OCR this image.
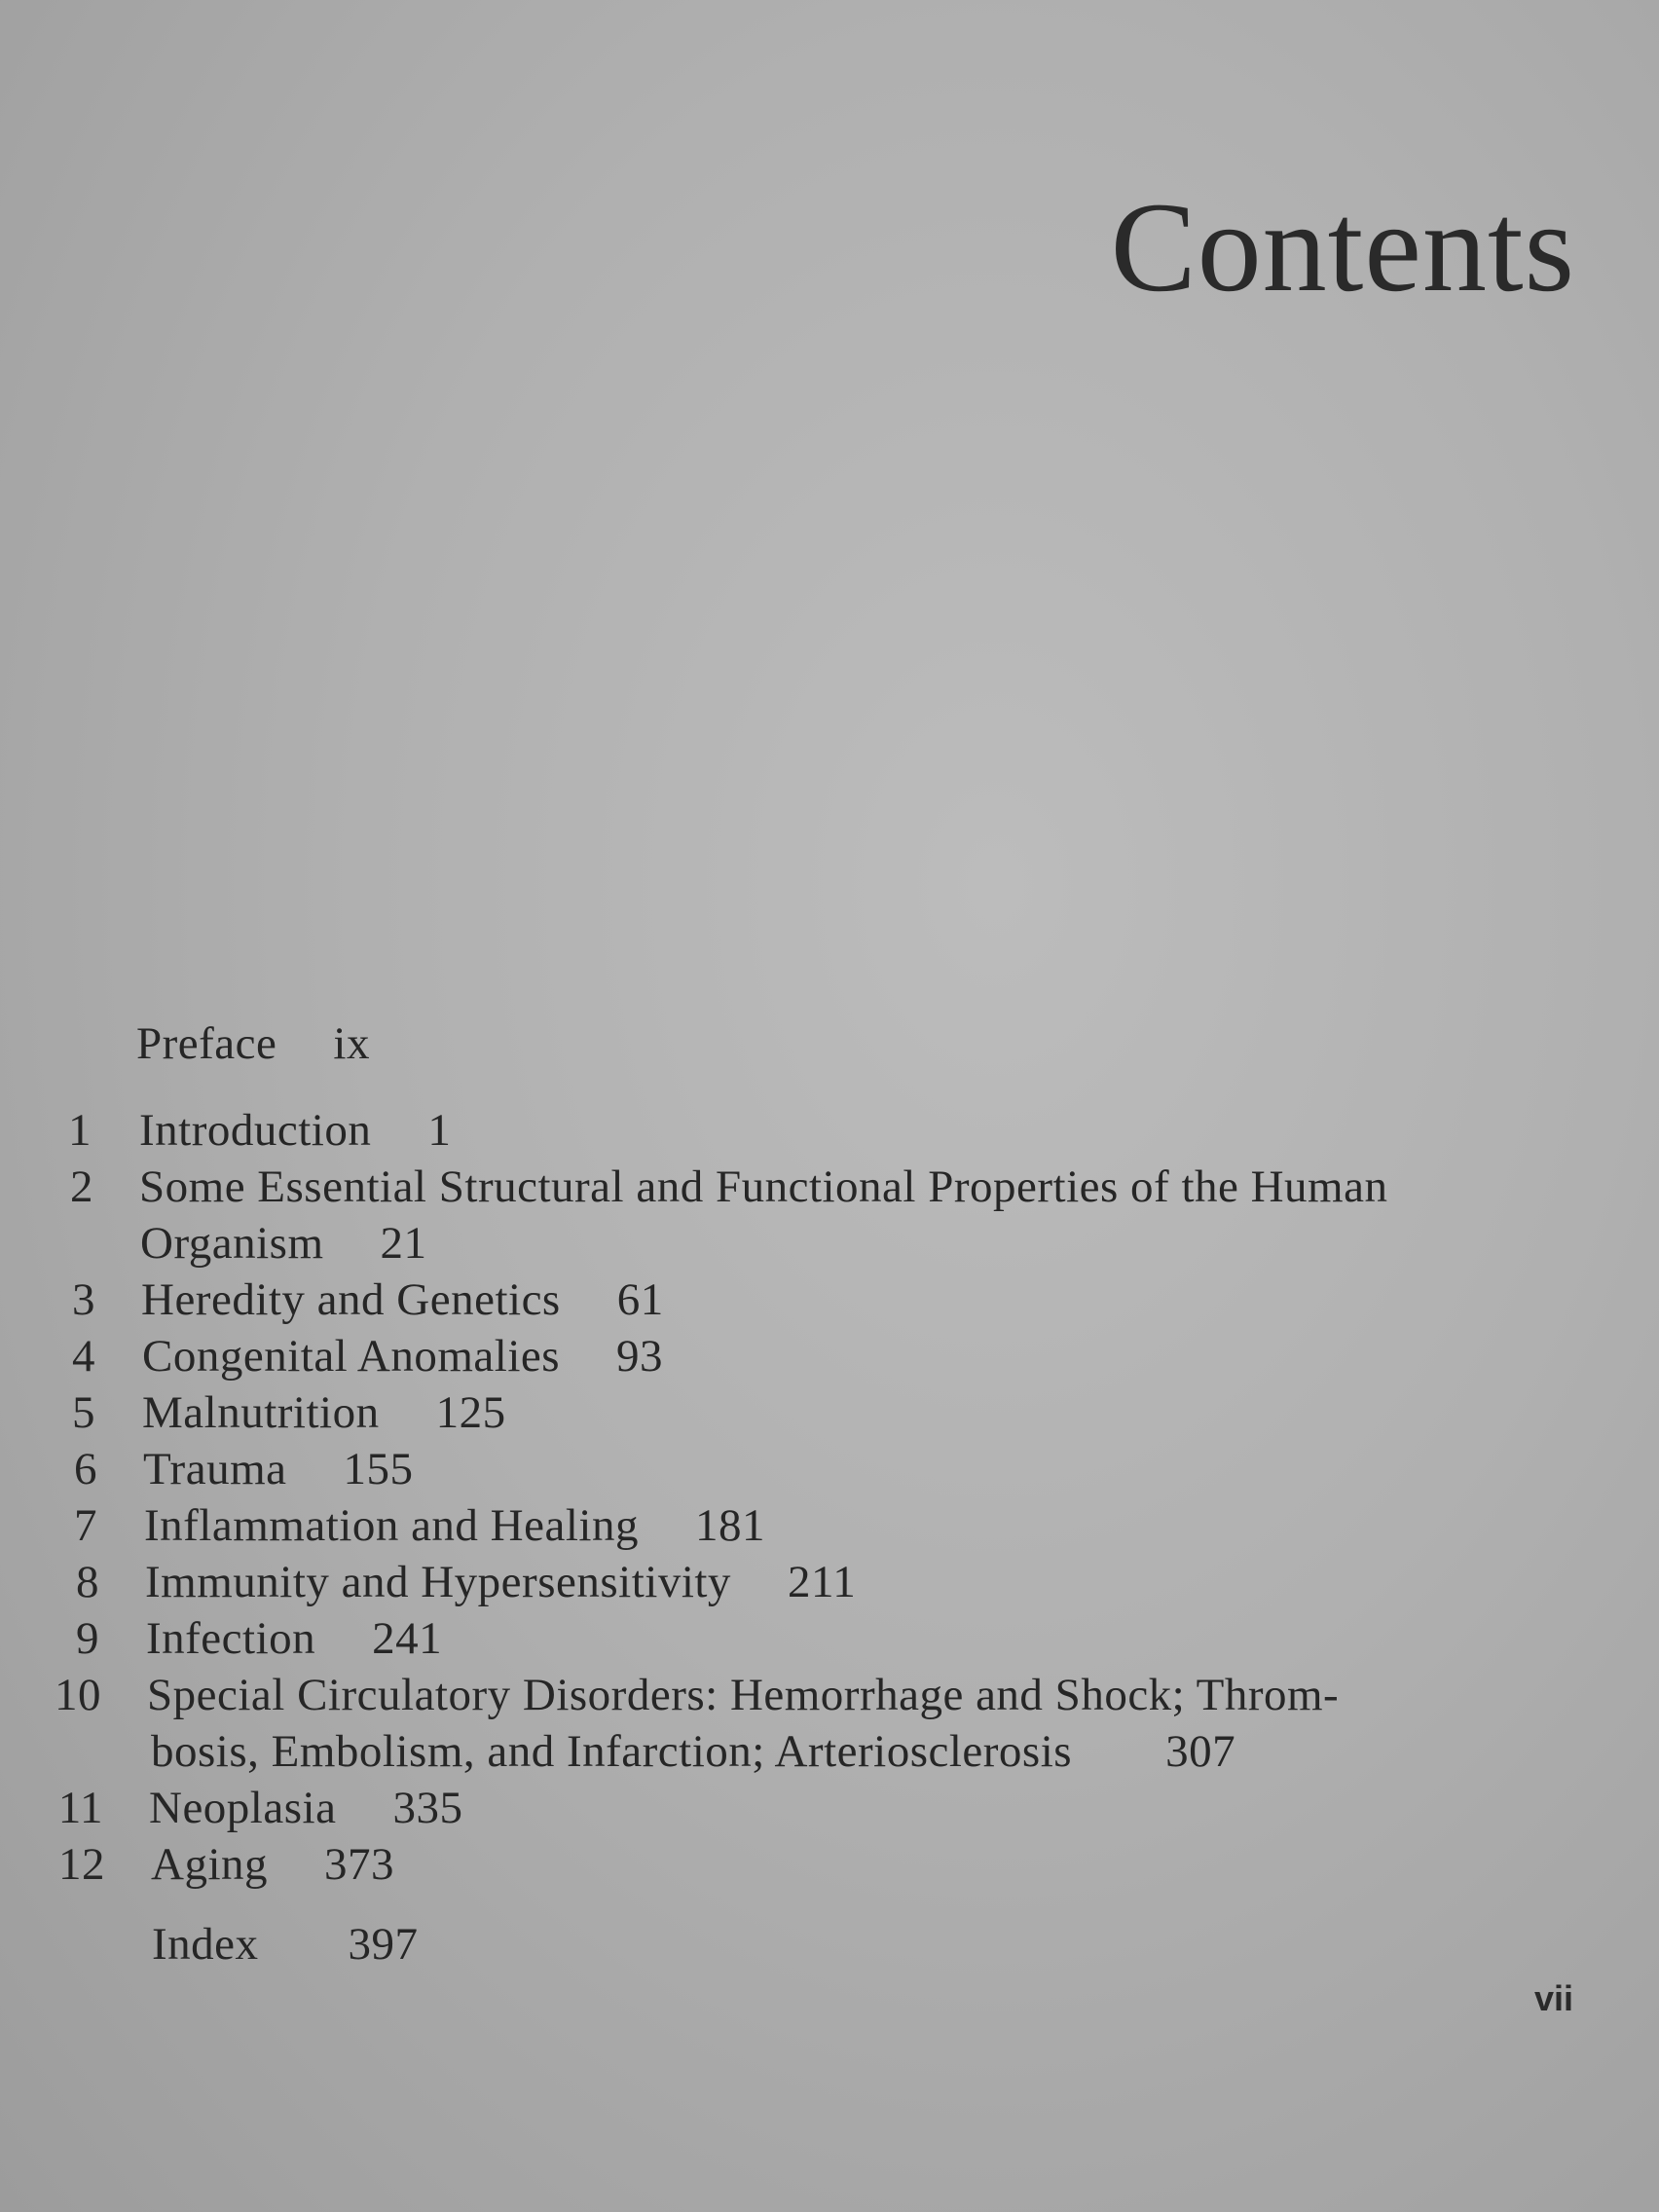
Contents
Preface ix
1 Introduction 1
2 Some Essential Structural and Functional Properties of the Human
Organism 21
3 Heredity and Genetics 61
4 Congenital Anomalies 93
5 Malnutrition 125
6 Trauma 155
7 Inflammation and Healing 181
8 Immunity and Hypersensitivity 211
9 Infection 241
10 Special Circulatory Disorders: Hemorrhage and Shock; Throm-
bosis, Embolism, and Infarction; Arteriosclerosis 307
11 Neoplasia 335
12 Aging 373
Index 397
vii
